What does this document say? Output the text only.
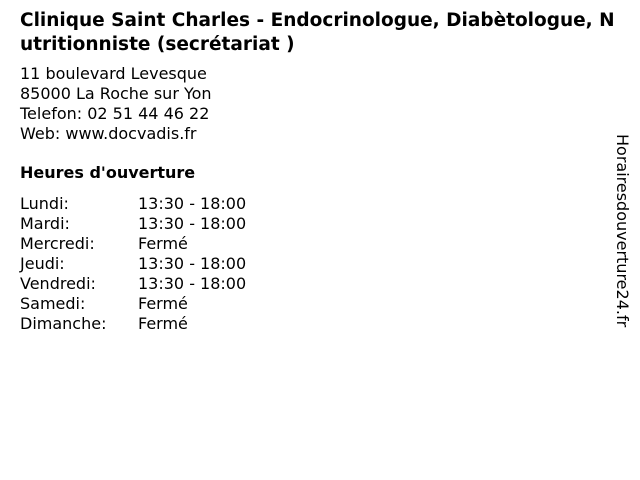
Clinique Saint Charles - Endocrinologue, Diabètologue, Nutritionniste (secrétariat )
11 boulevard Levesque
85000 La Roche sur Yon
Telefon: 02 51 44 46 22
Web: www.docvadis.fr
Heures d'ouverture
Lundi:	13:30 - 18:00
Mardi:	13:30 - 18:00
Mercredi:	Fermé
Jeudi:	13:30 - 18:00
Vendredi:	13:30 - 18:00
Samedi:	Fermé
Dimanche:	Fermé	Horairesdouverture24.fr
